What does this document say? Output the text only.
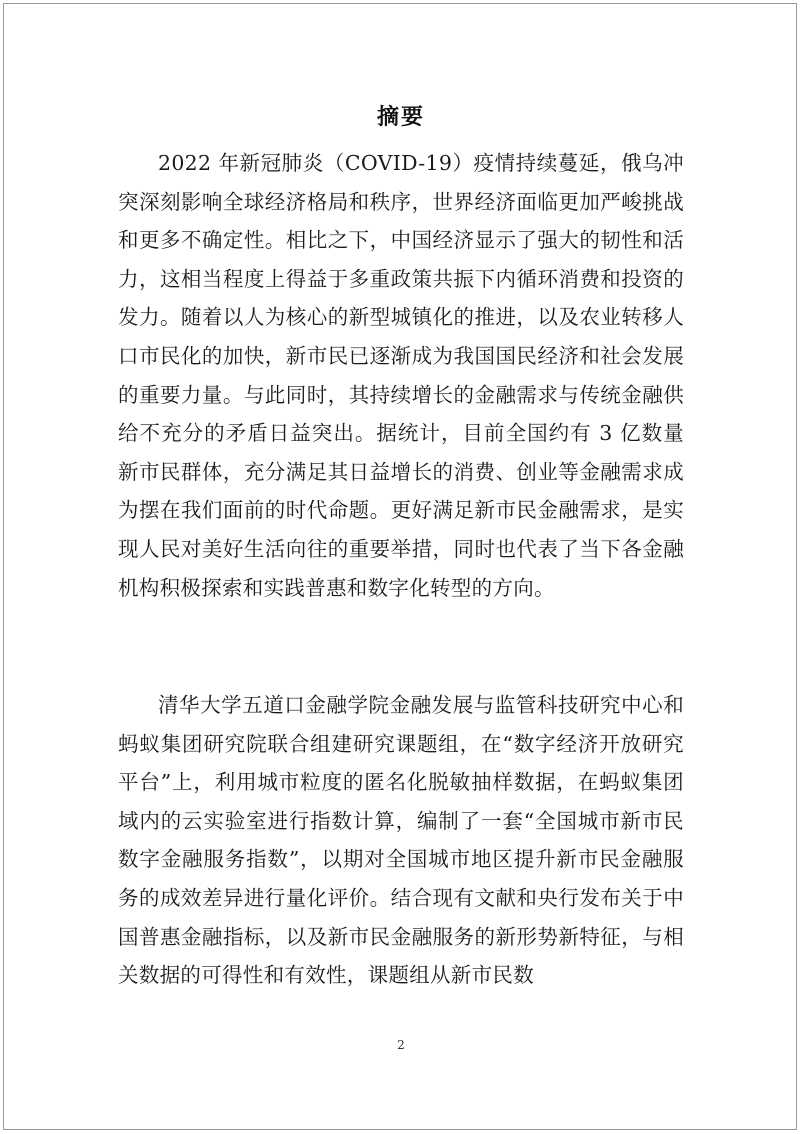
摘要

2022 年新冠肺炎（COVID-19）疫情持续蔓延，俄乌冲突深刻影响全球经济格局和秩序，世界经济面临更加严峻挑战和更多不确定性。相比之下，中国经济显示了强大的韧性和活力，这相当程度上得益于多重政策共振下内循环消费和投资的发力。随着以人为核心的新型城镇化的推进，以及农业转移人口市民化的加快，新市民已逐渐成为我国国民经济和社会发展的重要力量。与此同时，其持续增长的金融需求与传统金融供给不充分的矛盾日益突出。据统计，目前全国约有 3 亿数量新市民群体，充分满足其日益增长的消费、创业等金融需求成为摆在我们面前的时代命题。更好满足新市民金融需求，是实现人民对美好生活向往的重要举措，同时也代表了当下各金融机构积极探索和实践普惠和数字化转型的方向。

清华大学五道口金融学院金融发展与监管科技研究中心和蚂蚁集团研究院联合组建研究课题组，在“数字经济开放研究平台”上，利用城市粒度的匿名化脱敏抽样数据，在蚂蚁集团域内的云实验室进行指数计算，编制了一套“全国城市新市民数字金融服务指数”，以期对全国城市地区提升新市民金融服务的成效差异进行量化评价。结合现有文献和央行发布关于中国普惠金融指标，以及新市民金融服务的新形势新特征，与相关数据的可得性和有效性，课题组从新市民数

2
